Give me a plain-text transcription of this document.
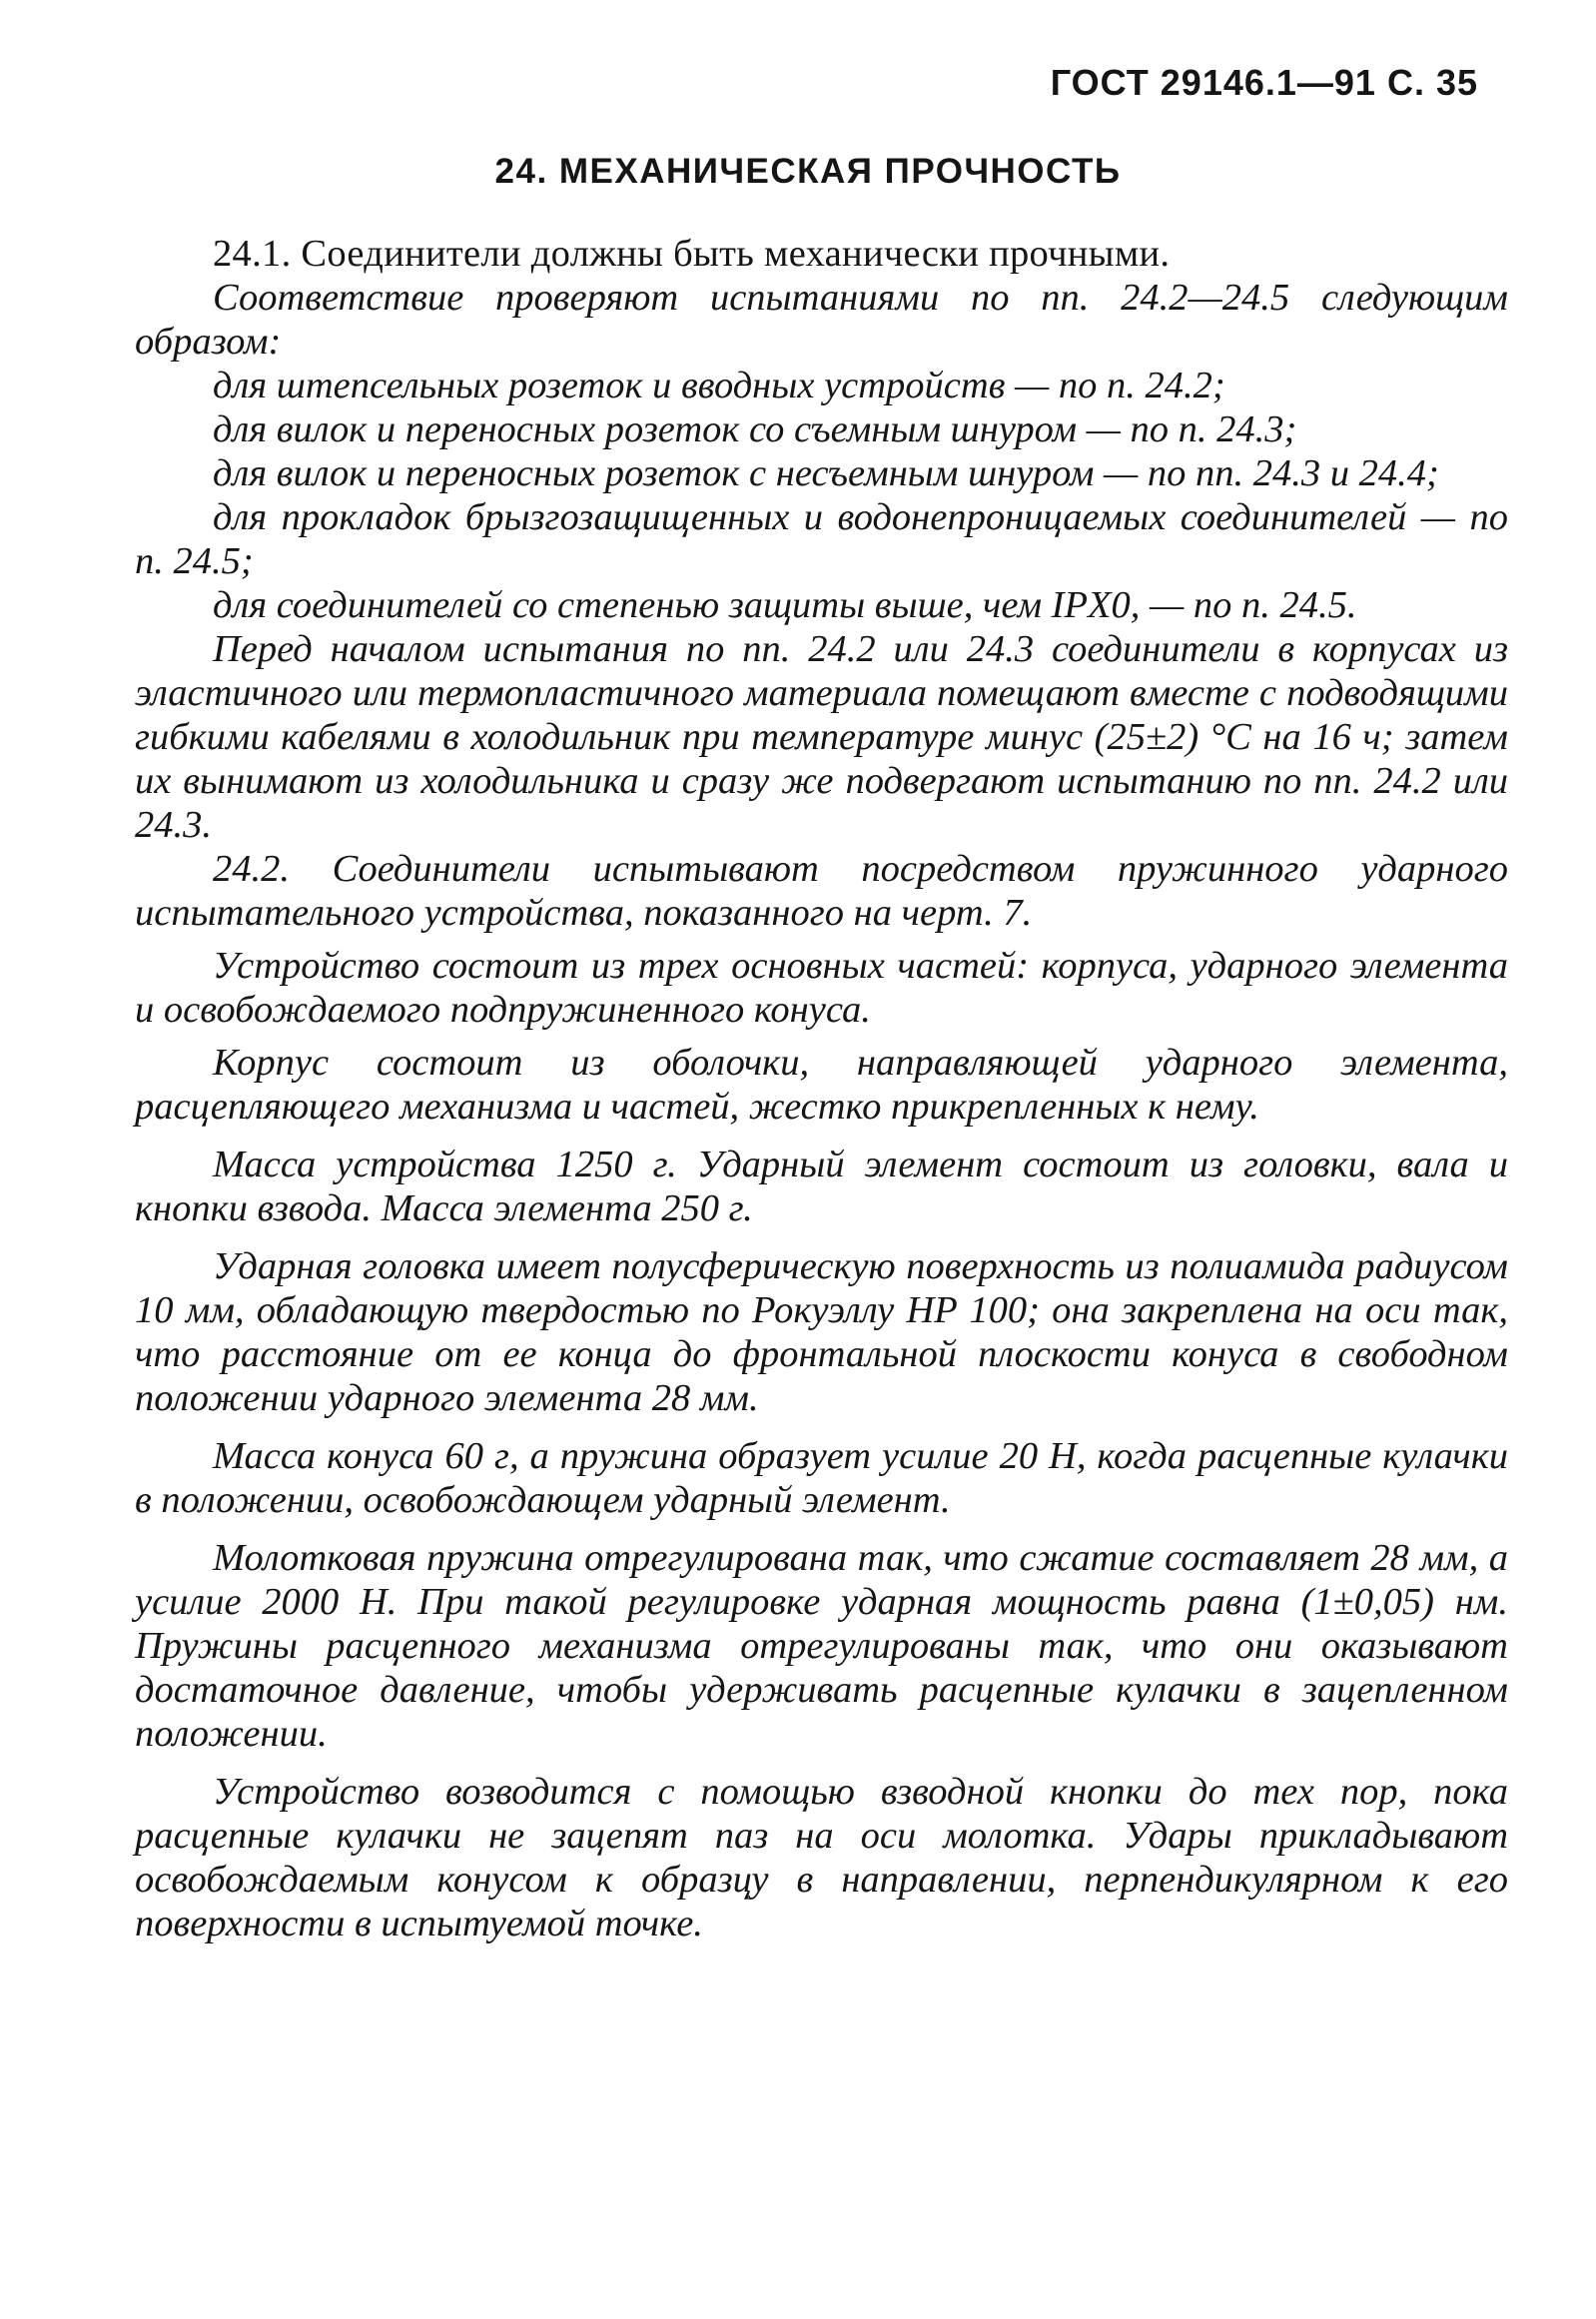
ГОСТ 29146.1—91 С. 35
24. МЕХАНИЧЕСКАЯ ПРОЧНОСТЬ

24.1. Соединители должны быть механически прочными.

Соответствие проверяют испытаниями по пп. 24.2—24.5 следующим образом:

для штепсельных розеток и вводных устройств — по п. 24.2;

для вилок и переносных розеток со съемным шнуром — по п. 24.3;

для вилок и переносных розеток с несъемным шнуром — по пп. 24.3 и 24.4;

для прокладок брызгозащищенных и водонепроницаемых соединителей — по п. 24.5;

для соединителей со степенью защиты выше, чем IPX0, — по п. 24.5.

Перед началом испытания по пп. 24.2 или 24.3 соединители в корпусах из эластичного или термопластичного материала помещают вместе с подводящими гибкими кабелями в холодильник при температуре минус (25±2) °С на 16 ч; затем их вынимают из холодильника и сразу же подвергают испытанию по пп. 24.2 или 24.3.

24.2. Соединители испытывают посредством пружинного ударного испытательного устройства, показанного на черт. 7.

Устройство состоит из трех основных частей: корпуса, ударного элемента и освобождаемого подпружиненного конуса.

Корпус состоит из оболочки, направляющей ударного элемента, расцепляющего механизма и частей, жестко прикрепленных к нему.

Масса устройства 1250 г. Ударный элемент состоит из головки, вала и кнопки взвода. Масса элемента 250 г.

Ударная головка имеет полусферическую поверхность из полиамида радиусом 10 мм, обладающую твердостью по Рокуэллу HP 100; она закреплена на оси так, что расстояние от ее конца до фронтальной плоскости конуса в свободном положении ударного элемента 28 мм.

Масса конуса 60 г, а пружина образует усилие 20 Н, когда расцепные кулачки в положении, освобождающем ударный элемент.

Молотковая пружина отрегулирована так, что сжатие составляет 28 мм, а усилие 2000 Н. При такой регулировке ударная мощность равна (1±0,05) нм. Пружины расцепного механизма отрегулированы так, что они оказывают достаточное давление, чтобы удерживать расцепные кулачки в зацепленном положении.

Устройство возводится с помощью взводной кнопки до тех пор, пока расцепные кулачки не зацепят паз на оси молотка. Удары прикладывают освобождаемым конусом к образцу в направлении, перпендикулярном к его поверхности в испытуемой точке.
